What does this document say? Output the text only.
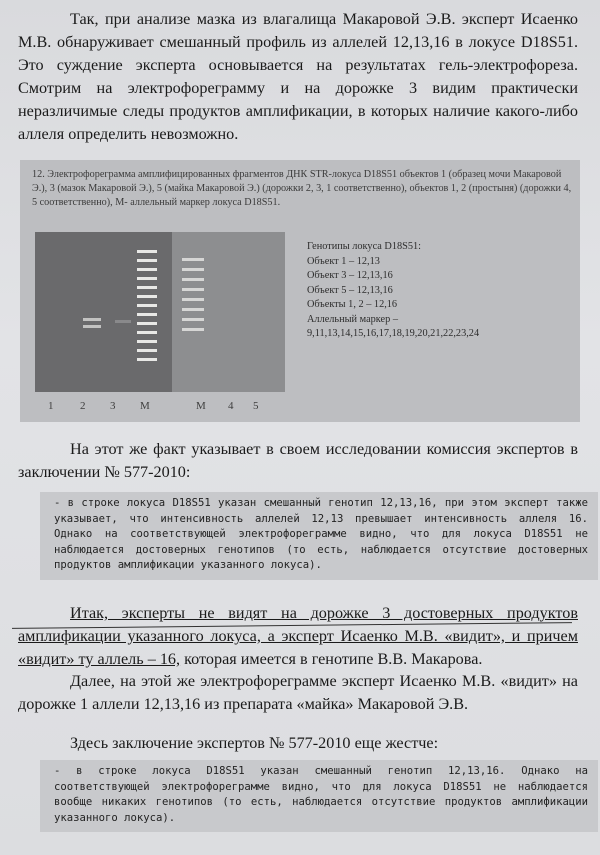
Так, при анализе мазка из влагалища Макаровой Э.В. эксперт Исаенко М.В. обнаруживает смешанный профиль из аллелей 12,13,16 в локусе D18S51. Это суждение эксперта основывается на результатах гель-электрофореза. Смотрим на электрофореграмму и на дорожке 3 видим практически неразличимые следы продуктов амплификации, в которых наличие какого-либо аллеля определить невозможно.

12. Электрофореграмма амплифицированных фрагментов ДНК STR-локуса D18S51 объектов 1 (образец мочи Макаровой Э.), 3 (мазок Макаровой Э.), 5 (майка Макаровой Э.) (дорожки 2, 3, 1 соответственно), объектов 1, 2 (простыня) (дорожки 4, 5 соответственно), М- аллельный маркер локуса D18S51.
1 2 3 М	М 4 5
Генотипы локуса D18S51:
Объект 1 – 12,13
Объект 3 – 12,13,16
Объект 5 – 12,13,16
Объекты 1, 2 – 12,16
Аллельный маркер –
9,11,13,14,15,16,17,18,19,20,21,22,23,24

На этот же факт указывает в своем исследовании комиссия экспертов в заключении № 577-2010:

- в строке локуса D18S51 указан смешанный генотип 12,13,16, при этом эксперт также указывает, что интенсивность аллелей 12,13 превышает интенсивность аллеля 16. Однако на соответствующей электрофореграмме видно, что для локуса D18S51 не наблюдается достоверных генотипов (то есть, наблюдается отсутствие достоверных продуктов амплификации указанного локуса).

Итак, эксперты не видят на дорожке 3 достоверных продуктов амплификации указанного локуса, а эксперт Исаенко М.В. «видит», и причем «видит» ту аллель – 16, которая имеется в генотипе В.В. Макарова.

Далее, на этой же электрофореграмме эксперт Исаенко М.В. «видит» на дорожке 1 аллели 12,13,16 из препарата «майка» Макаровой Э.В.

Здесь заключение экспертов № 577-2010 еще жестче:

- в строке локуса D18S51 указан смешанный генотип 12,13,16. Однако на соответствующей электрофореграмме видно, что для локуса D18S51 не наблюдается вообще никаких генотипов (то есть, наблюдается отсутствие продуктов амплификации указанного локуса).
